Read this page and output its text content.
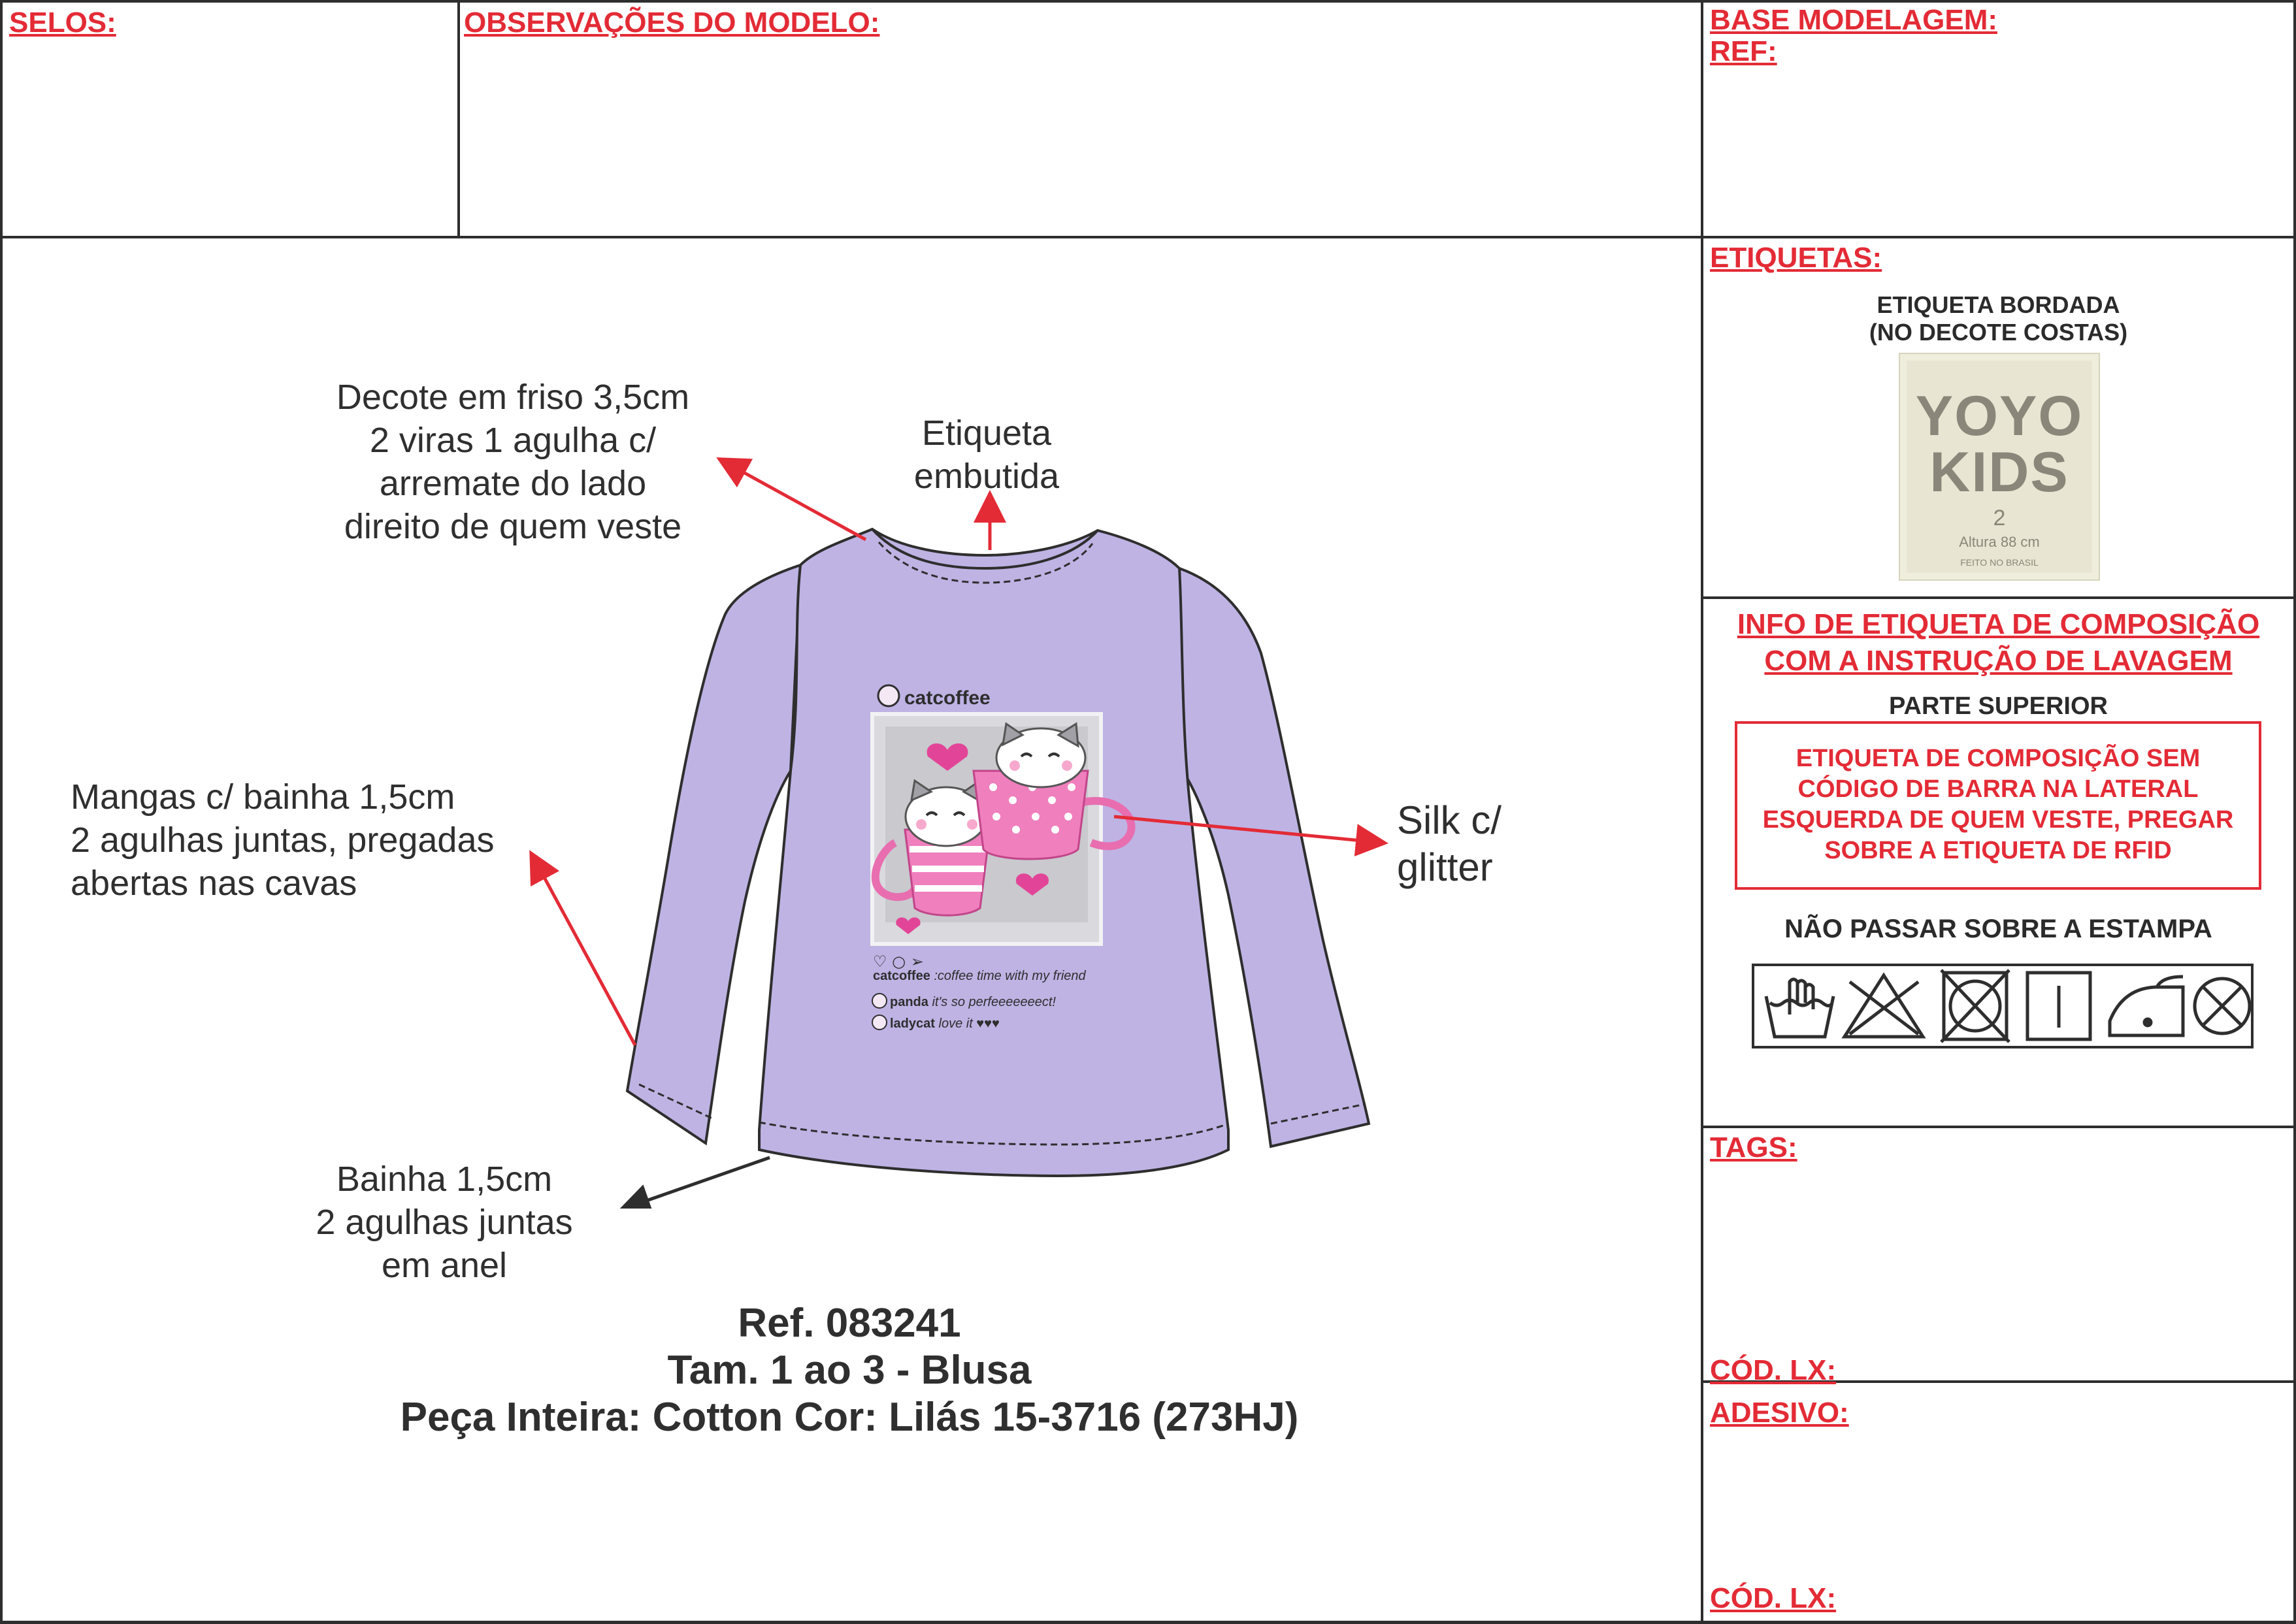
SELOS:	OBSERVAÇÕES DO MODELO:	BASE MODELAGEM:
REF:
ETIQUETAS:
TAGS:
CÓD. LX:
ADESIVO:
CÓD. LX:
catcoffee
♡ ○ ➢
catcoffee :coffee time with my friend
panda it's so perfeeeeeeect!
ladycat love it ♥♥♥
Decote em friso 3,5cm
2 viras 1 agulha c/
arremate do lado
direito de quem veste
Etiqueta
embutida
Mangas c/ bainha 1,5cm
2 agulhas juntas, pregadas
abertas nas cavas
Silk c/
glitter
Bainha 1,5cm
2 agulhas juntas
em anel
Ref. 083241
Tam. 1 ao 3 - Blusa
Peça Inteira: Cotton Cor: Lilás 15-3716 (273HJ)
ETIQUETA BORDADA
(NO DECOTE COSTAS)
YOYO
KIDS
2
Altura 88 cm
FEITO NO BRASIL
INFO DE ETIQUETA DE COMPOSIÇÃO
COM A INSTRUÇÃO DE LAVAGEM
PARTE SUPERIOR
ETIQUETA DE COMPOSIÇÃO SEM
CÓDIGO DE BARRA NA LATERAL
ESQUERDA DE QUEM VESTE, PREGAR
SOBRE A ETIQUETA DE RFID
NÃO PASSAR SOBRE A ESTAMPA
